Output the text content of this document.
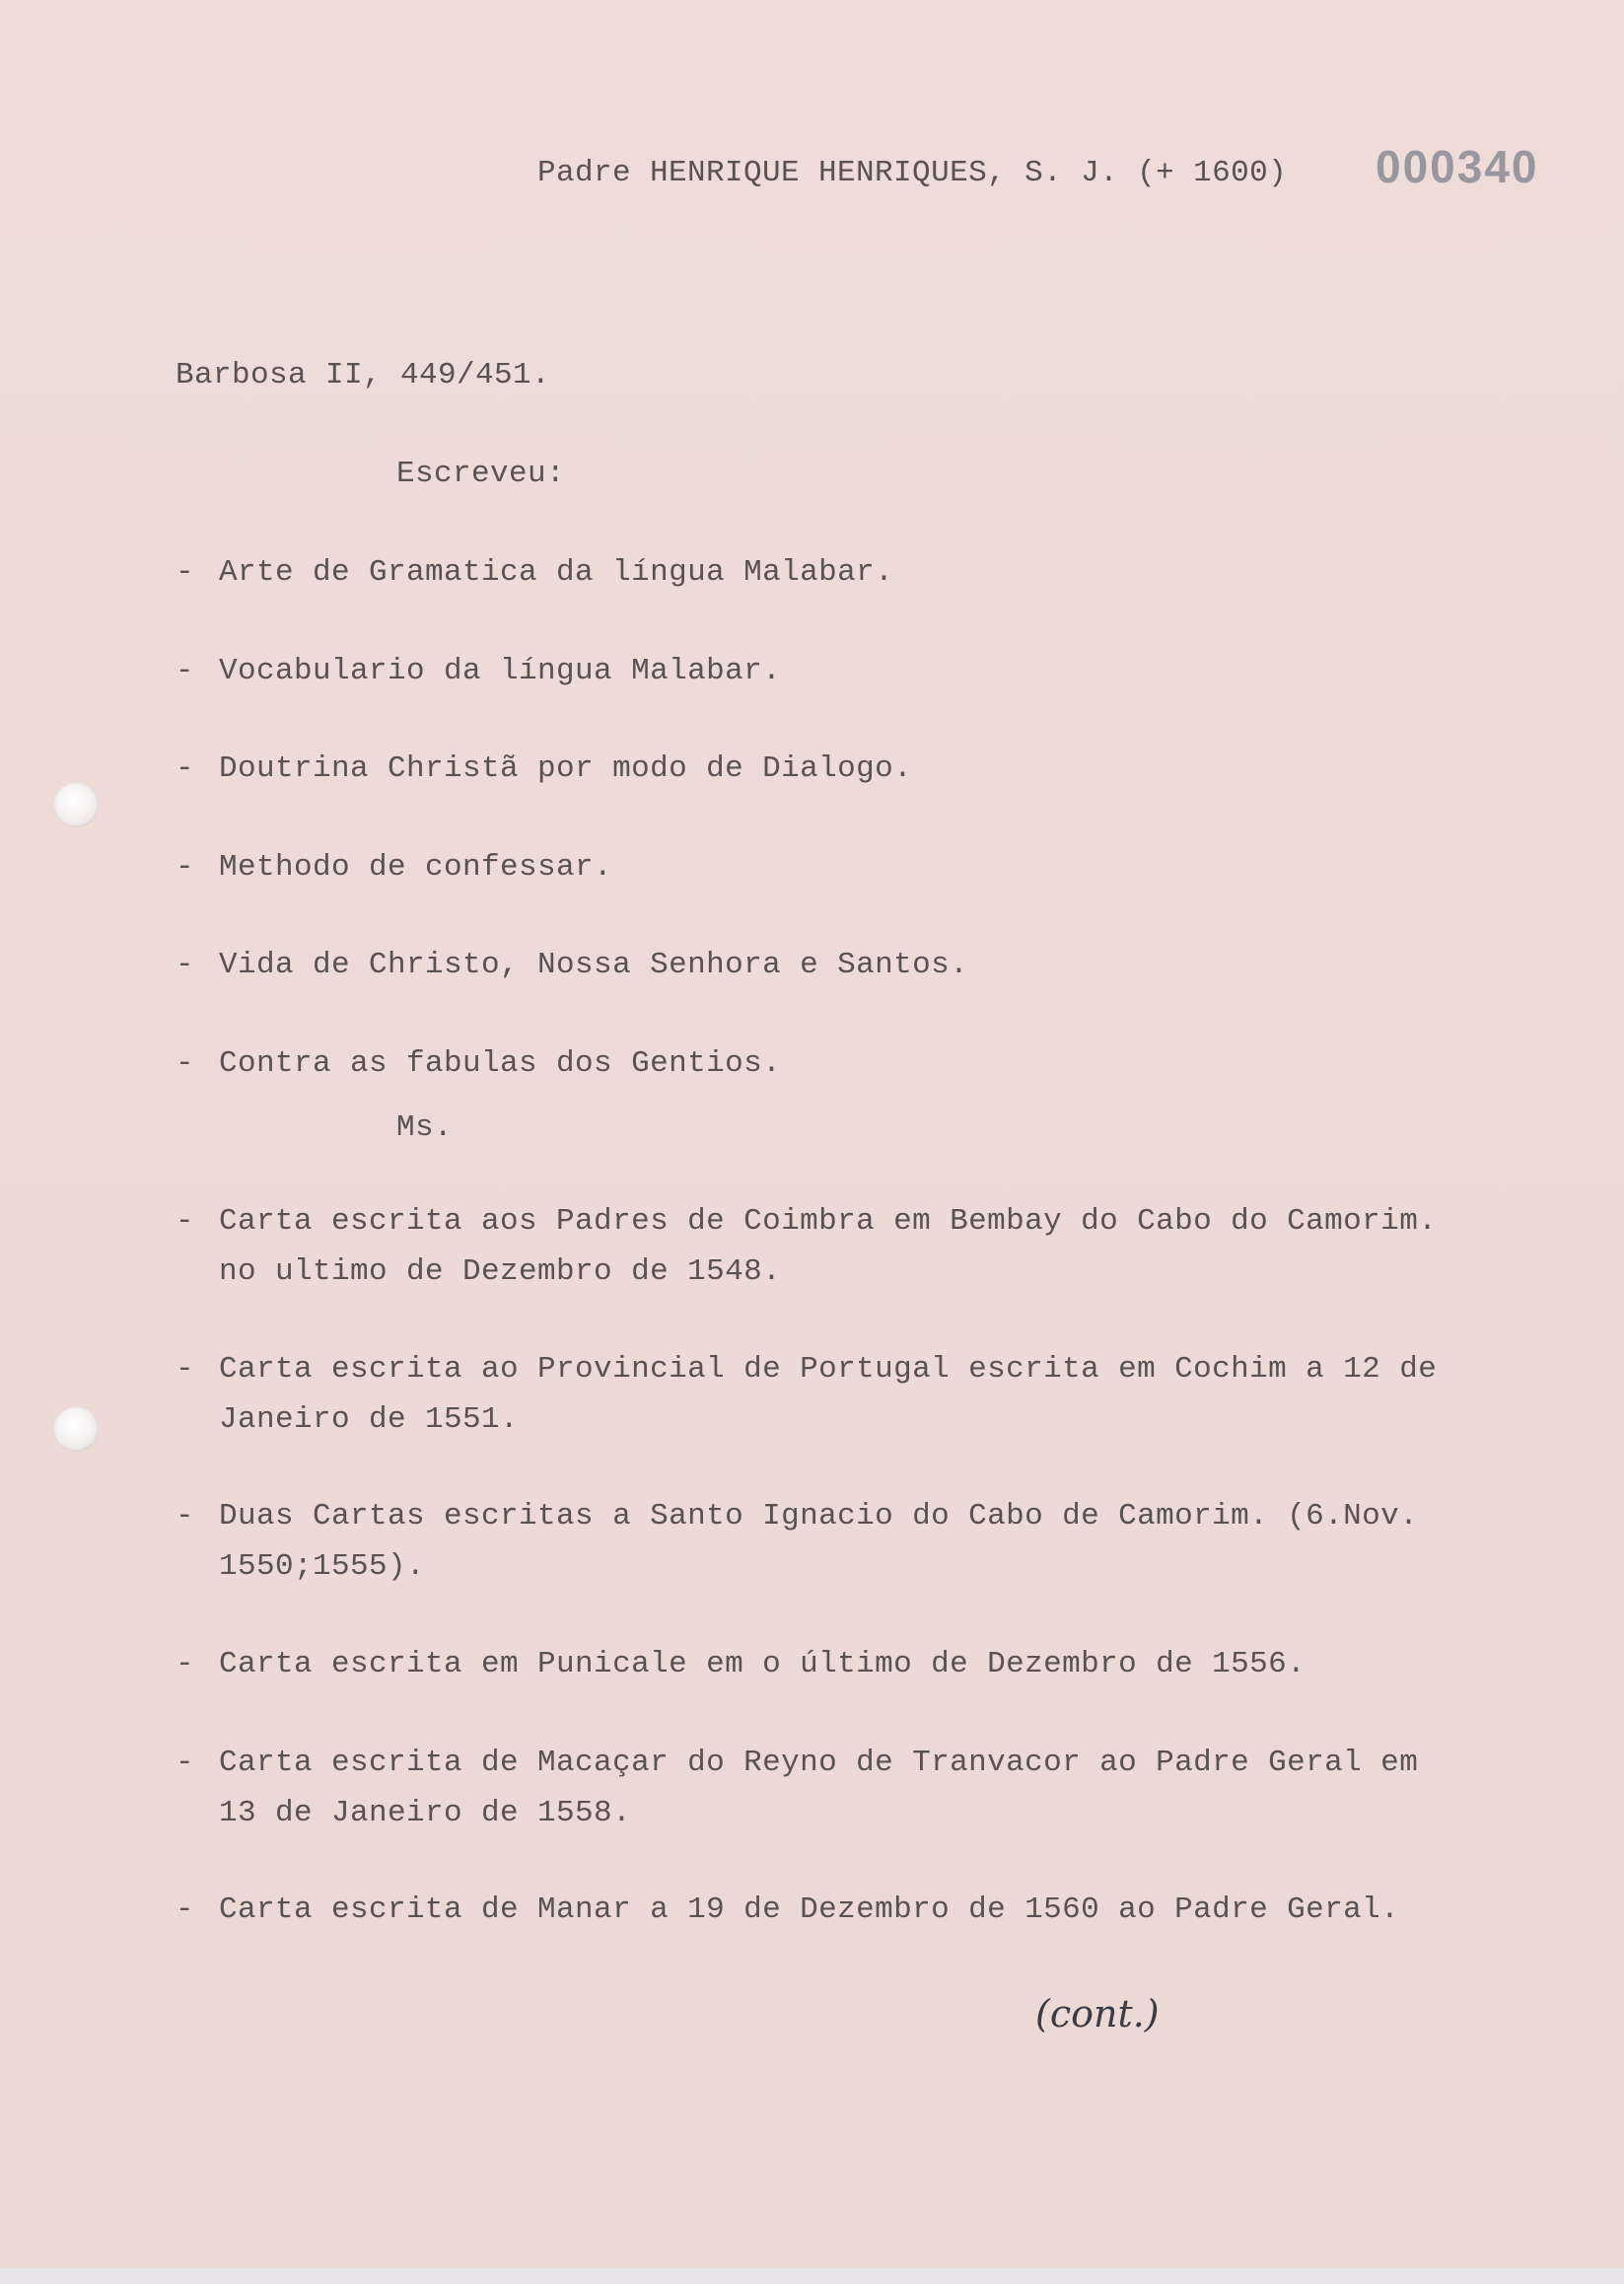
Padre HENRIQUE HENRIQUES, S. J. (+ 1600) 000340
Barbosa II, 449/451.
Escreveu:
- Arte de Gramatica da língua Malabar.
- Vocabulario da língua Malabar.
- Doutrina Christã por modo de Dialogo.
- Methodo de confessar.
- Vida de Christo, Nossa Senhora e Santos.
- Contra as fabulas dos Gentios.
Ms.
- Carta escrita aos Padres de Coimbra em Bembay do Cabo do Camorim.
no ultimo de Dezembro de 1548.
- Carta escrita ao Provincial de Portugal escrita em Cochim a 12 de
Janeiro de 1551.
- Duas Cartas escritas a Santo Ignacio do Cabo de Camorim. (6.Nov.
1550;1555).
- Carta escrita em Punicale em o último de Dezembro de 1556.
- Carta escrita de Macaçar do Reyno de Tranvacor ao Padre Geral em
13 de Janeiro de 1558.
- Carta escrita de Manar a 19 de Dezembro de 1560 ao Padre Geral.
(cont.)
